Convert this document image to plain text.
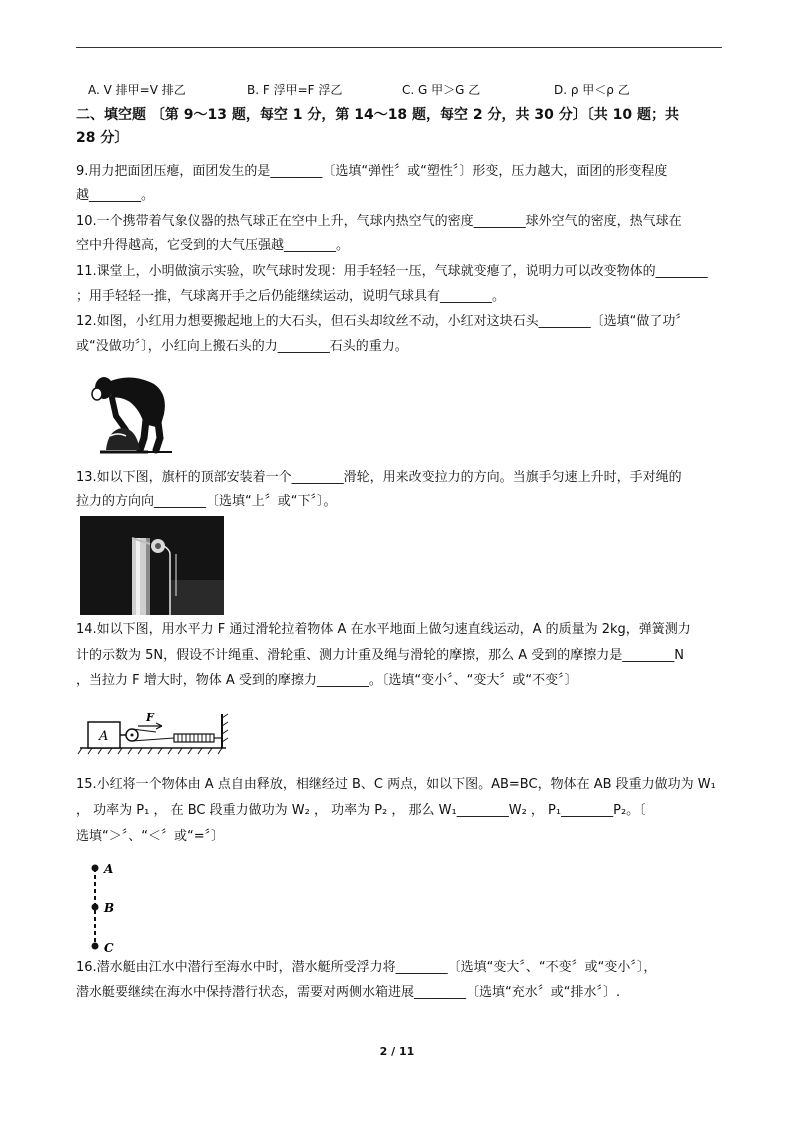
A. V 排甲=V 排乙	B. F 浮甲=F 浮乙	C. G 甲＞G 乙	D. ρ 甲＜ρ 乙
二、填空题 〔第 9～13 题，每空 1 分，第 14～18 题，每空 2 分，共 30 分〕〔共 10 题；共
28 分〕
9.用力把面团压瘪，面团发生的是________〔选填“弹性〞或“塑性〞〕形变，压力越大，面团的形变程度
越________。
10.一个携带着气象仪器的热气球正在空中上升，气球内热空气的密度________球外空气的密度，热气球在
空中升得越高，它受到的大气压强越________。
11.课堂上，小明做演示实验，吹气球时发现：用手轻轻一压，气球就变瘪了，说明力可以改变物体的________
；用手轻轻一推，气球离开手之后仍能继续运动，说明气球具有________。
12.如图，小红用力想要搬起地上的大石头，但石头却纹丝不动，小红对这块石头________〔选填“做了功〞
或“没做功〞〕，小红向上搬石头的力________石头的重力。
13.如以下图，旗杆的顶部安装着一个________滑轮，用来改变拉力的方向。当旗手匀速上升时，手对绳的
拉力的方向向________〔选填“上〞或“下〞〕。
14.如以下图，用水平力 F 通过滑轮拉着物体 A 在水平地面上做匀速直线运动，A 的质量为 2kg，弹簧测力
计的示数为 5N，假设不计绳重、滑轮重、测力计重及绳与滑轮的摩擦，那么 A 受到的摩擦力是________N
，当拉力 F 增大时，物体 A 受到的摩擦力________。〔选填“变小〞、“变大〞或“不变〞〕
A
F
15.小红将一个物体由 A 点自由释放，相继经过 B、C 两点，如以下图。AB=BC，物体在 AB 段重力做功为 W₁
， 功率为 P₁ ， 在 BC 段重力做功为 W₂ ， 功率为 P₂ ， 那么 W₁________W₂ ， P₁________P₂。〔
选填“＞〞、“＜〞或“=〞〕
A
B
C
16.潜水艇由江水中潜行至海水中时，潜水艇所受浮力将________〔选填“变大〞、“不变〞或“变小〞〕，
潜水艇要继续在海水中保持潜行状态，需要对两侧水箱进展________〔选填“充水〞或“排水〞〕.
2 / 11
